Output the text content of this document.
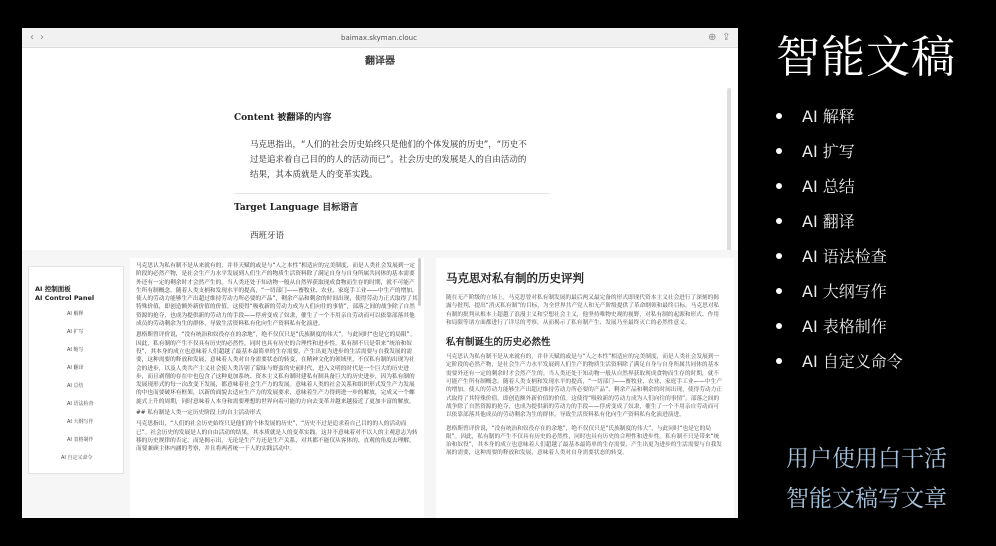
‹ ›	baimax.skyman.clouc	⊕ ⇪
翻译器
Content 被翻译的内容
马克思指出，“人们的社会历史始终只是他们的个体发展的历史”，“历史不过是追求着自己目的的人的活动而已”。社会历史的发展是人的自由活动的结果，其本质就是人的变革实践。
Target Language 目标语言
西班牙语
AI 控制面板
AI Control Panel
AI 解释
AI 扩写
AI 缩写
AI 翻译
AI 总结
AI 语法检查
AI 大纲写作
AI 表格制作
AI 自定义命令

马克思认为私有制不是从来就有的，并非天赋的或是与“人之本性”相适应的完美制度，而是人类社会发展到一定阶段的必然产物，是社会生产力水平发展到人们生产的物质生活资料除了满足自身与自身所属共同体的基本需要外还有一定的剩余时才会然产生的。当人类还处于知动物一般从自然界获取现成食物而生存的时期，就不可能产生所有制概念。随着人类支柄和发现水平的提高，“一切部门——畜牧业、农业、家庭手工业——中生产的增加，使人的劳动力能够生产出超过维持劳动力所必要的产品”，剩余产品和剩余的时间出现，使得劳动力正式取得了其特殊价值，即创造额外新价值的价值。这使得“吸收新的劳动力成为人们向往的事情”，部落之间的战争除了自然资源的抢夺，也成为提供新的劳动力的手段——俘虏变成了奴隶，催生了一个不用亲自劳动而可以依靠部落其他成员的劳动剩余为生的群体，导致生活资料私有化向生产资料私有化演进。

恩格斯曾评价说，“没有统治和奴役存在的余地”，绝不仅仅只是“氏族制度的伟大”，与此同时“也是它的局限”。因此，私有制的产生不仅具有历史的必然性，同时也具有历史的合理性和进步性。私有制不只是带来“统治和奴役”，其本身的成立也意味着人们超越了最基本最简单的生存需要，产生出更为进步的生活需要与自我发展的需要，这种需要的释放和发展，意味着人类对自身需要状态的转变，在精神文化的领域里，不仅私有制的出现为社会的进步，以及人类共产主义社会使人类告别了蒙昧与野蛮的史前时代，进入文明的时代是一个巨大的历史进步，而且剥削的存在中也包含了这种更加系统、资本主义私有制时建私有制具备巨大的历史进步，因为私有制的发展现形式的每一次改变下发展，都意味着社会生产力的发展。意味着人类的社会关系和组织形式发生产力发展的中也而要破坏有框架，以新的面貌去适应生产力的发展要求，意味着生产力得到进一步的解放，完成又一个螺旋式上升的周期，同时意味着人本身和需要理想的世界向着可能的方向去变革并越来越接近了更加丰富的解放。

## 私有制是人类一定历史阶段上的自主活动形式

马克思指出，“人们的社会历史始终只是他们的个体发展的历史”，“历史不过是追求着自己目的的人的活动而已”。社会历史的发展是人的自由活动的结果，其本质就是人的变革实践。这并不意味着对不以人的主观意志为转移的历史规律的否定，而是揭示出，无论是生产力还是生产关系，对其都不能仅从客体的、直观的角度去理解，而要兼顾主体内涵的考察，并且将两者统一于人的实践活动中。

马克思对私有制的历史评判
随在无产阶级的立场上，马克思曾对私有制发展的最后两又最完备的形式即现代资本主义社会进行了深刻的揭露与批判，提出“消灭私有制”的目标，为全世界共产党人和无产阶级提供了革命纲领和最终目标。马克思对私有制的批判从根本上超越了浪漫主义和空想社会主义，他坚持唯物史观的视野，对私有制的起源和形式、作用和局限等诸方面都进行了详尽的考察，从而揭示了私有制产生、发展乃至最终灭亡的必然性意义。
私有制诞生的历史必然性
马克思认为私有制不是从来就有的，并非天赋的或是与“人之本性”相适应的完美制度，而是人类社会发展到一定阶段的必然产物，是社会生产力水平发展到人们生产的物质生活资料除了满足自身与自身所属共同体的基本需要外还有一定的剩余时才会然产生的。当人类还处于知动物一般从自然界获取现成食物而生存的时期，就不可能产生所有制概念。随着人类支柄和发现水平的提高，“一切部门——畜牧业、农业、家庭手工业——中生产的增加，使人的劳动力能够生产出超过维持劳动力所必要的产品”，剩余产品和剩余的时间出现，使得劳动力正式取得了其特殊价值，即创造额外新价值的价值。这使得“吸收新的劳动力成为人们向往的事情”，部落之间的战争除了自然资源的抢夺，也成为提供新的劳动力的手段——俘虏变成了奴隶，催生了一个不用亲自劳动而可以依靠部落其他成员的劳动剩余为生的群体，导致生活资料私有化向生产资料私有化演进演进。
恩格斯曾评价说，“没有统治和奴役存在的余地”，绝不仅仅只是“氏族制度的伟大”，与此同时“也是它的局限”。因此，私有制的产生不仅具有历史的必然性，同时也具有历史的合理性和进步性。私有制不只是带来“统治和奴役”，其本身的成立也意味着人们超越了最基本最简单的生存需要，产生出更为进步的生活需要与自我发展的需要，这种需要的释放和发展，意味着人类对自身需要状态的转变。
智能文稿
AI 解释
AI 扩写
AI 总结
AI 翻译
AI 语法检查
AI 大纲写作
AI 表格制作
AI 自定义命令
用户使用白干活
智能文稿写文章
